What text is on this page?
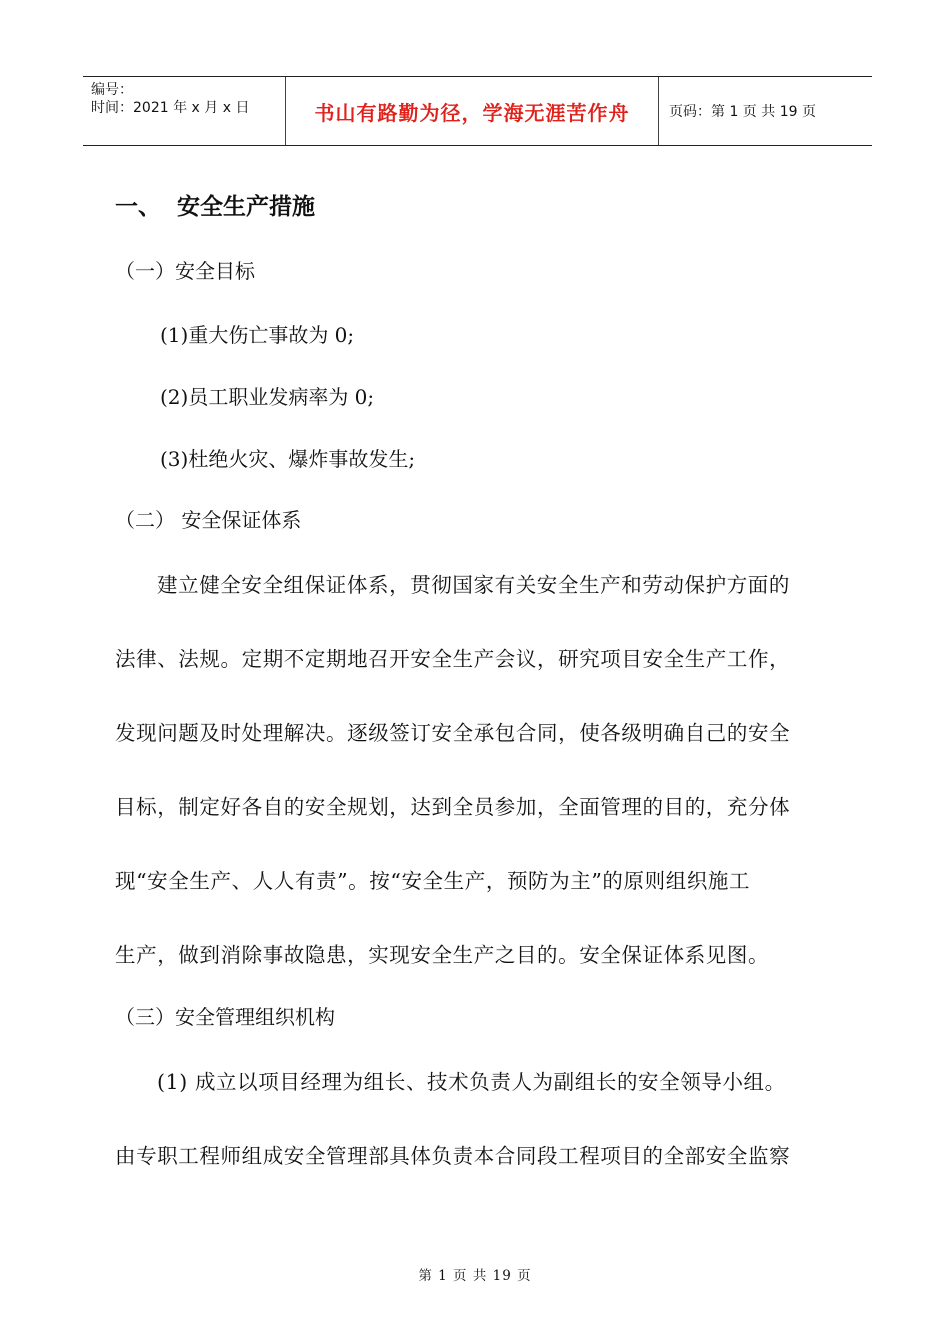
编号：
时间：2021 年 x 月 x 日	书山有路勤为径，学海无涯苦作舟	页码：第 1 页 共 19 页
一、 安全生产措施
（一）安全目标
(1)重大伤亡事故为 0;
(2)员工职业发病率为 0;
(3)杜绝火灾、爆炸事故发生;
（二） 安全保证体系
建立健全安全组保证体系，贯彻国家有关安全生产和劳动保护方面的
法律、法规。定期不定期地召开安全生产会议，研究项目安全生产工作，
发现问题及时处理解决。逐级签订安全承包合同，使各级明确自己的安全
目标，制定好各自的安全规划，达到全员参加，全面管理的目的，充分体
现“安全生产、人人有责”。按“安全生产，预防为主”的原则组织施工
生产，做到消除事故隐患，实现安全生产之目的。安全保证体系见图。
（三）安全管理组织机构
(1) 成立以项目经理为组长、技术负责人为副组长的安全领导小组。
由专职工程师组成安全管理部具体负责本合同段工程项目的全部安全监察
第 1 页 共 19 页
